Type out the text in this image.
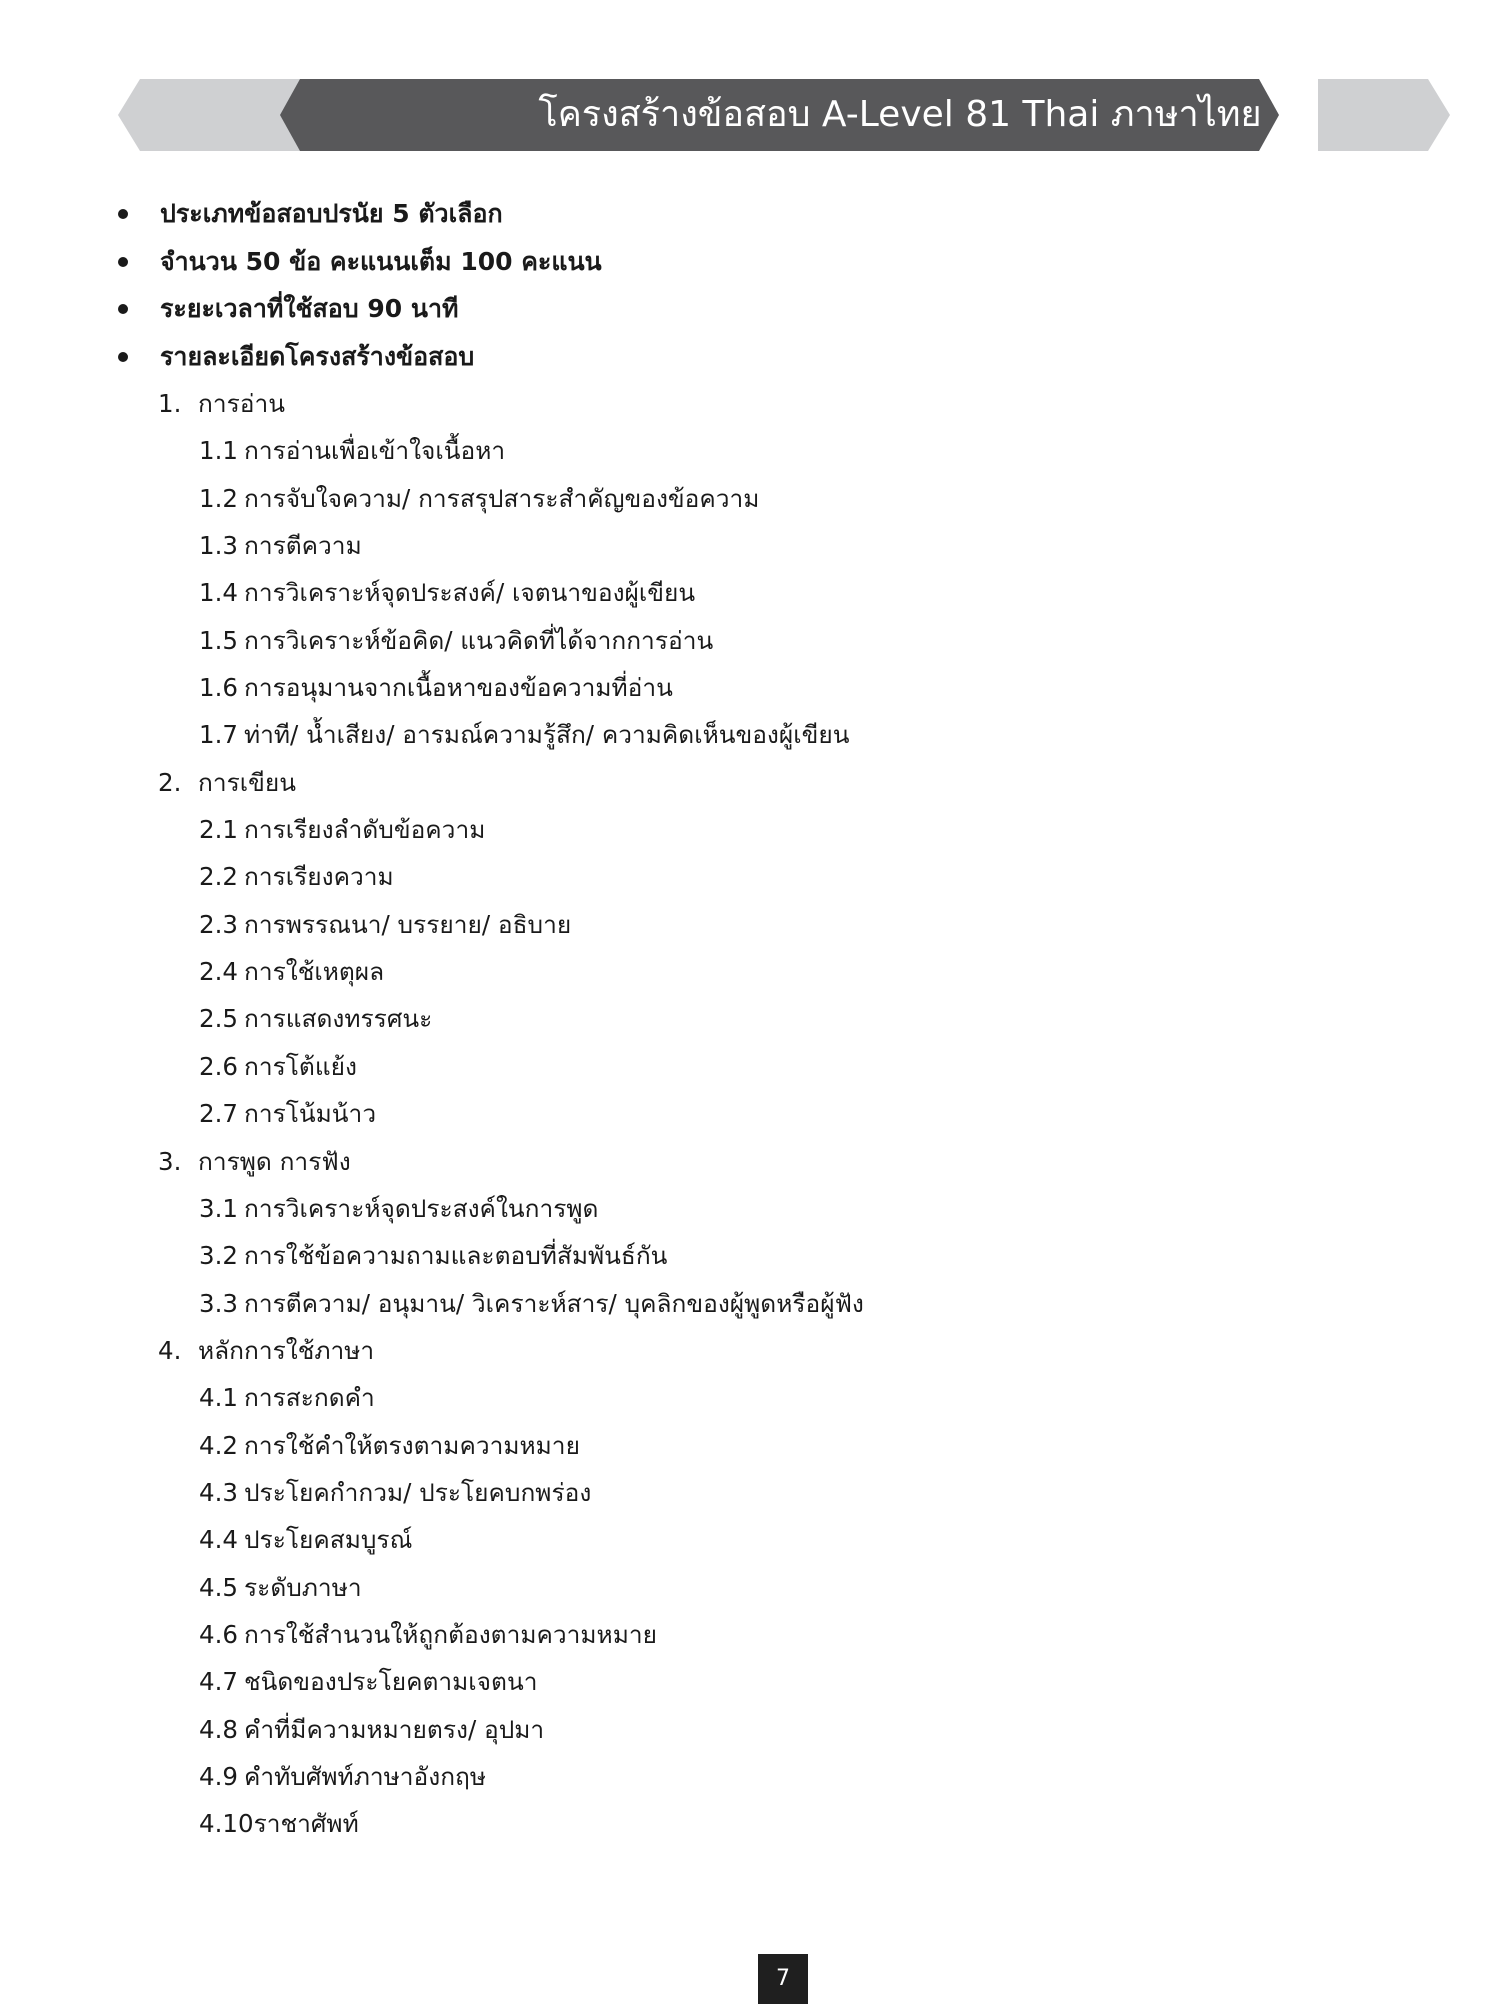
โครงสร้างข้อสอบ A-Level 81 Thai ภาษาไทย
ประเภทข้อสอบปรนัย 5 ตัวเลือก
จำนวน 50 ข้อ คะแนนเต็ม 100 คะแนน
ระยะเวลาที่ใช้สอบ 90 นาที
รายละเอียดโครงสร้างข้อสอบ
1. การอ่าน
1.1 การอ่านเพื่อเข้าใจเนื้อหา
1.2 การจับใจความ/ การสรุปสาระสำคัญของข้อความ
1.3 การตีความ
1.4 การวิเคราะห์จุดประสงค์/ เจตนาของผู้เขียน
1.5 การวิเคราะห์ข้อคิด/ แนวคิดที่ได้จากการอ่าน
1.6 การอนุมานจากเนื้อหาของข้อความที่อ่าน
1.7 ท่าที/ น้ำเสียง/ อารมณ์ความรู้สึก/ ความคิดเห็นของผู้เขียน
2. การเขียน
2.1 การเรียงลำดับข้อความ
2.2 การเรียงความ
2.3 การพรรณนา/ บรรยาย/ อธิบาย
2.4 การใช้เหตุผล
2.5 การแสดงทรรศนะ
2.6 การโต้แย้ง
2.7 การโน้มน้าว
3. การพูด การฟัง
3.1 การวิเคราะห์จุดประสงค์ในการพูด
3.2 การใช้ข้อความถามและตอบที่สัมพันธ์กัน
3.3 การตีความ/ อนุมาน/ วิเคราะห์สาร/ บุคลิกของผู้พูดหรือผู้ฟัง
4. หลักการใช้ภาษา
4.1 การสะกดคำ
4.2 การใช้คำให้ตรงตามความหมาย
4.3 ประโยคกำกวม/ ประโยคบกพร่อง
4.4 ประโยคสมบูรณ์
4.5 ระดับภาษา
4.6 การใช้สำนวนให้ถูกต้องตามความหมาย
4.7 ชนิดของประโยคตามเจตนา
4.8 คำที่มีความหมายตรง/ อุปมา
4.9 คำทับศัพท์ภาษาอังกฤษ
4.10ราชาศัพท์
7
